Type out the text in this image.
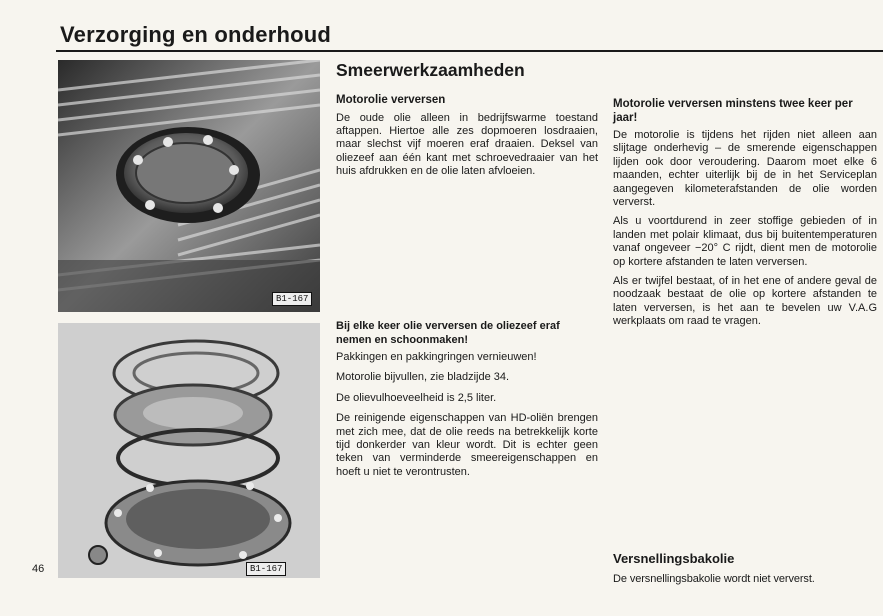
Verzorging en onderhoud
B1-167
B1-167
46
Smeerwerkzaamheden
Motorolie verversen

De oude olie alleen in bedrijfswarme toestand aftappen. Hiertoe alle zes dopmoeren losdraaien, maar slechst vijf moeren eraf draaien. Deksel van oliezeef aan één kant met schroevedraaier van het huis afdrukken en de olie laten afvloeien.

Bij elke keer olie verversen de oliezeef eraf nemen en schoonmaken!

Pakkingen en pakkingringen vernieuwen!

Motorolie bijvullen, zie bladzijde 34.

De olievulhoeveelheid is 2,5 liter.

De reinigende eigenschappen van HD-oliën brengen met zich mee, dat de olie reeds na betrekkelijk korte tijd donkerder van kleur wordt. Dit is echter geen teken van verminderde smeereigenschappen en hoeft u niet te verontrusten.

Motorolie verversen minstens twee keer per jaar!

De motorolie is tijdens het rijden niet alleen aan slijtage onderhevig – de smerende eigenschappen lijden ook door veroudering. Daarom moet elke 6 maanden, echter uiterlijk bij de in het Serviceplan aangegeven kilometerafstanden de olie worden ververst.

Als u voortdurend in zeer stoffige gebieden of in landen met polair klimaat, dus bij buitentemperaturen vanaf ongeveer −20° C rijdt, dient men de motorolie op kortere afstanden te laten verversen.

Als er twijfel bestaat, of in het ene of andere geval de noodzaak bestaat de olie op kortere afstanden te laten verversen, is het aan te bevelen uw V.A.G werkplaats om raad te vragen.

Versnellingsbakolie
De versnellingsbakolie wordt niet ververst.
